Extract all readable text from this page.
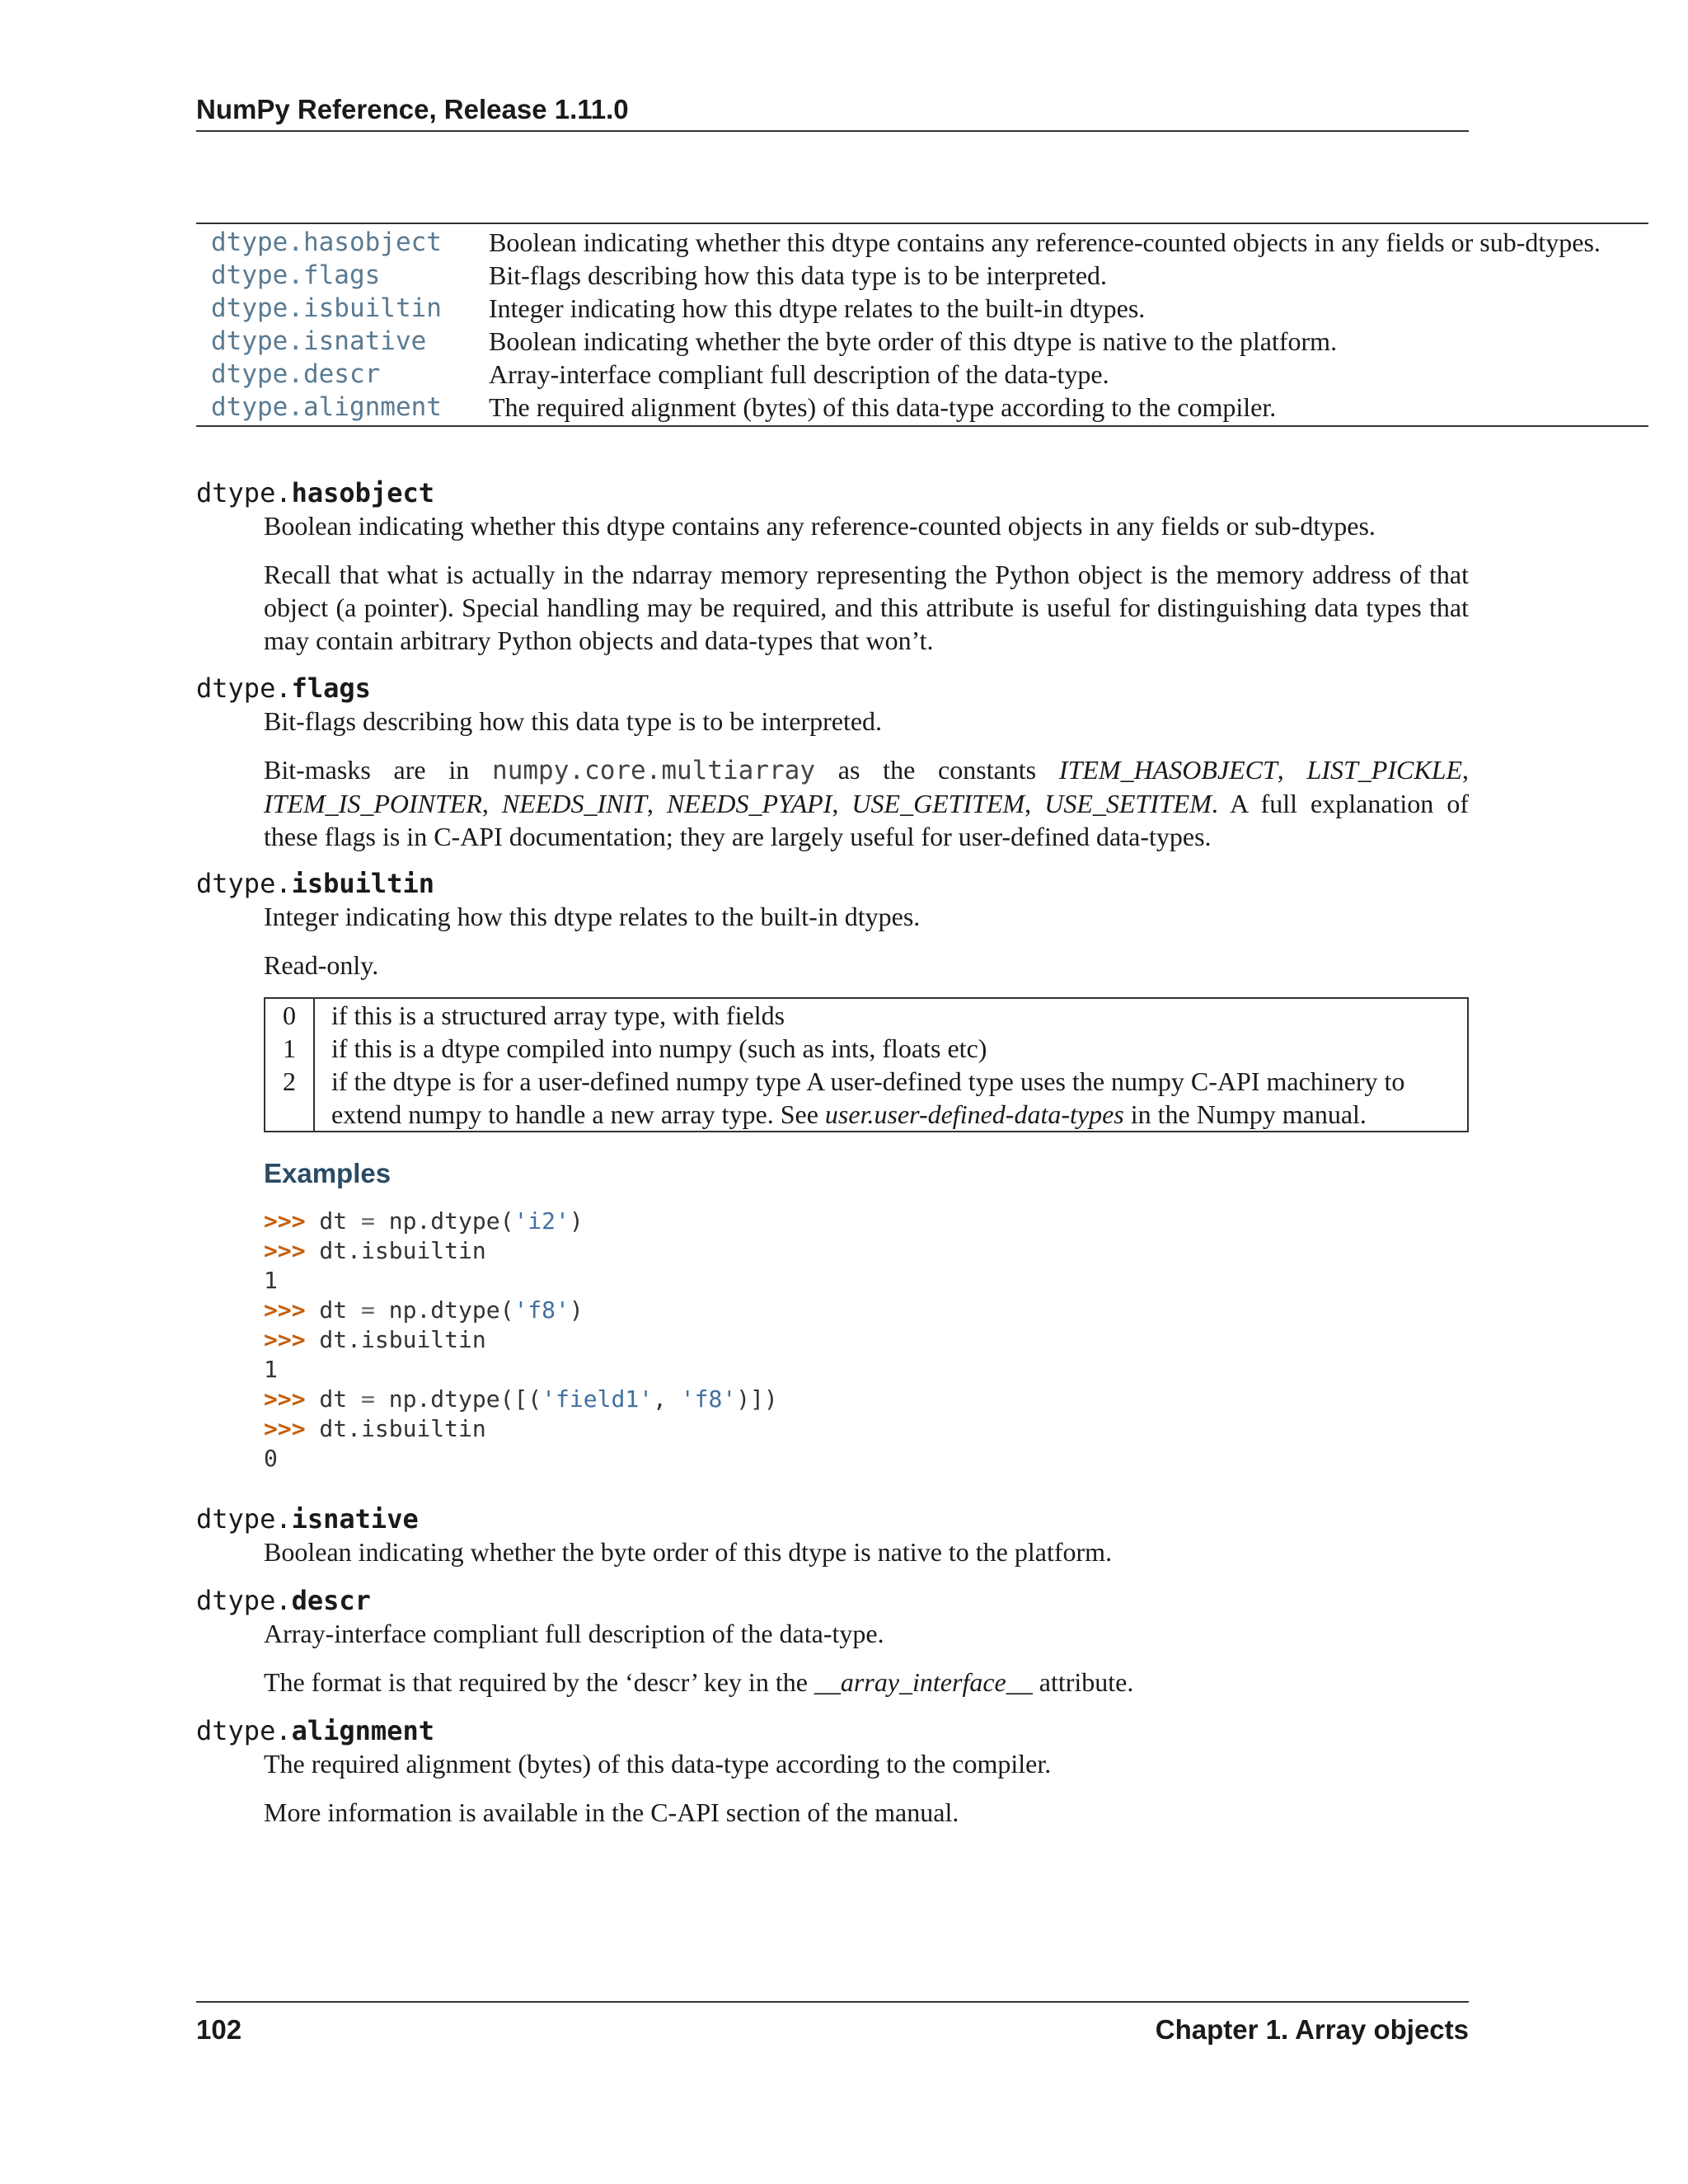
NumPy Reference, Release 1.11.0
dtype.hasobject	Boolean indicating whether this dtype contains any reference-counted objects in any fields or sub-dtypes.
dtype.flags	Bit-flags describing how this data type is to be interpreted.
dtype.isbuiltin	Integer indicating how this dtype relates to the built-in dtypes.
dtype.isnative	Boolean indicating whether the byte order of this dtype is native to the platform.
dtype.descr	Array-interface compliant full description of the data-type.
dtype.alignment	The required alignment (bytes) of this data-type according to the compiler.
dtype.hasobject

Boolean indicating whether this dtype contains any reference-counted objects in any fields or sub-dtypes.

Recall that what is actually in the ndarray memory representing the Python object is the memory address of that object (a pointer). Special handling may be required, and this attribute is useful for distinguishing data types that may contain arbitrary Python objects and data-types that won’t.

dtype.flags

Bit-flags describing how this data type is to be interpreted.

Bit-masks are in numpy.core.multiarray as the constants ITEM_HASOBJECT, LIST_PICKLE, ITEM_IS_POINTER, NEEDS_INIT, NEEDS_PYAPI, USE_GETITEM, USE_SETITEM. A full explanation of these flags is in C-API documentation; they are largely useful for user-defined data-types.

dtype.isbuiltin

Integer indicating how this dtype relates to the built-in dtypes.

Read-only.

0	if this is a structured array type, with fields
1	if this is a dtype compiled into numpy (such as ints, floats etc)
2	if the dtype is for a user-defined numpy type A user-defined type uses the numpy C-API machinery to extend numpy to handle a new array type. See user.user-defined-data-types in the Numpy manual.
Examples
>>> dt = np.dtype('i2')
>>> dt.isbuiltin
1
>>> dt = np.dtype('f8')
>>> dt.isbuiltin
1
>>> dt = np.dtype([('field1', 'f8')])
>>> dt.isbuiltin
0
dtype.isnative

Boolean indicating whether the byte order of this dtype is native to the platform.

dtype.descr

Array-interface compliant full description of the data-type.

The format is that required by the ‘descr’ key in the __array_interface__ attribute.

dtype.alignment

The required alignment (bytes) of this data-type according to the compiler.

More information is available in the C-API section of the manual.

102	Chapter 1. Array objects
